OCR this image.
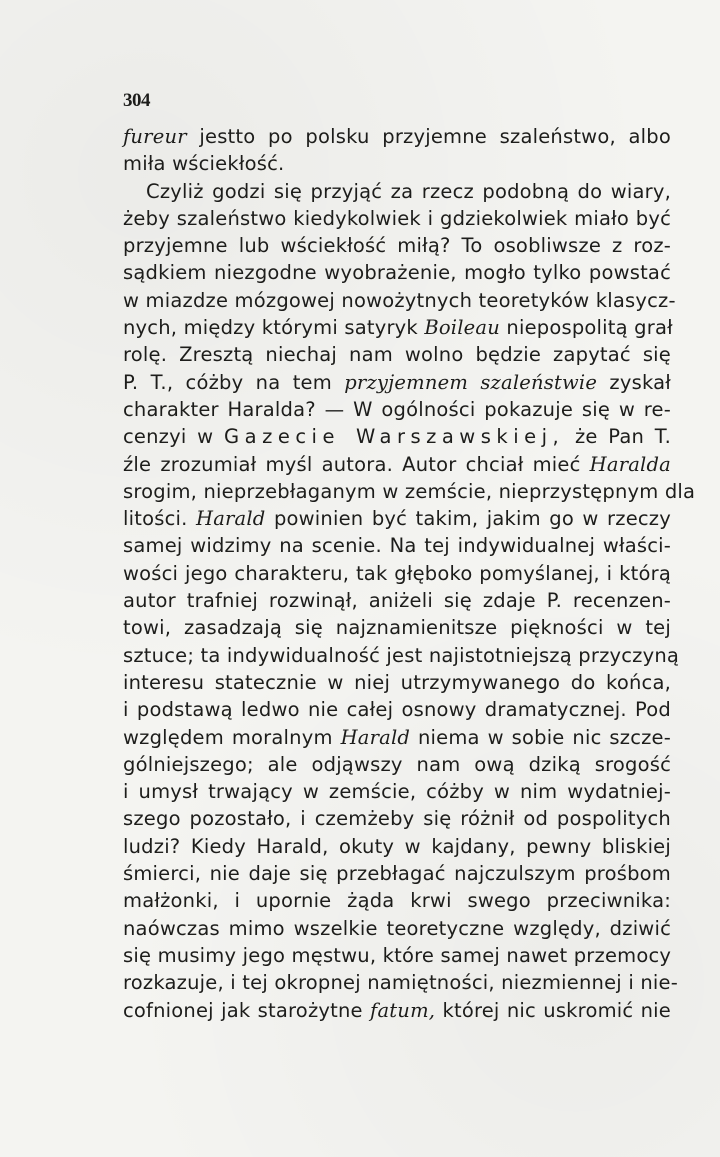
304
fureur jestto po polsku przyjemne szaleństwo, albo
miła wściekłość.
Czyliż godzi się przyjąć za rzecz podobną do wiary,
żeby szaleństwo kiedykolwiek i gdziekolwiek miało być
przyjemne lub wściekłość miłą? To osobliwsze z roz-
sądkiem niezgodne wyobrażenie, mogło tylko powstać
w miazdze mózgowej nowożytnych teoretyków klasycz-
nych, między którymi satyryk Boileau niepospolitą grał
rolę. Zresztą niechaj nam wolno będzie zapytać się
P. T., cóżby na tem przyjemnem szaleństwie zyskał
charakter Haralda? — W ogólności pokazuje się w re-
cenzyi w Gazecie Warszawskiej, że Pan T.
źle zrozumiał myśl autora. Autor chciał mieć Haralda
srogim, nieprzebłaganym w zemście, nieprzystępnym dla
litości. Harald powinien być takim, jakim go w rzeczy
samej widzimy na scenie. Na tej indywidualnej właści-
wości jego charakteru, tak głęboko pomyślanej, i którą
autor trafniej rozwinął, aniżeli się zdaje P. recenzen-
towi, zasadzają się najznamienitsze piękności w tej
sztuce; ta indywidualność jest najistotniejszą przyczyną
interesu statecznie w niej utrzymywanego do końca,
i podstawą ledwo nie całej osnowy dramatycznej. Pod
względem moralnym Harald niema w sobie nic szcze-
gólniejszego; ale odjąwszy nam ową dziką srogość
i umysł trwający w zemście, cóżby w nim wydatniej-
szego pozostało, i czemżeby się różnił od pospolitych
ludzi? Kiedy Harald, okuty w kajdany, pewny bliskiej
śmierci, nie daje się przebłagać najczulszym prośbom
małżonki, i upornie żąda krwi swego przeciwnika:
naówczas mimo wszelkie teoretyczne względy, dziwić
się musimy jego męstwu, które samej nawet przemocy
rozkazuje, i tej okropnej namiętności, niezmiennej i nie-
cofnionej jak starożytne fatum, której nic uskromić nie
